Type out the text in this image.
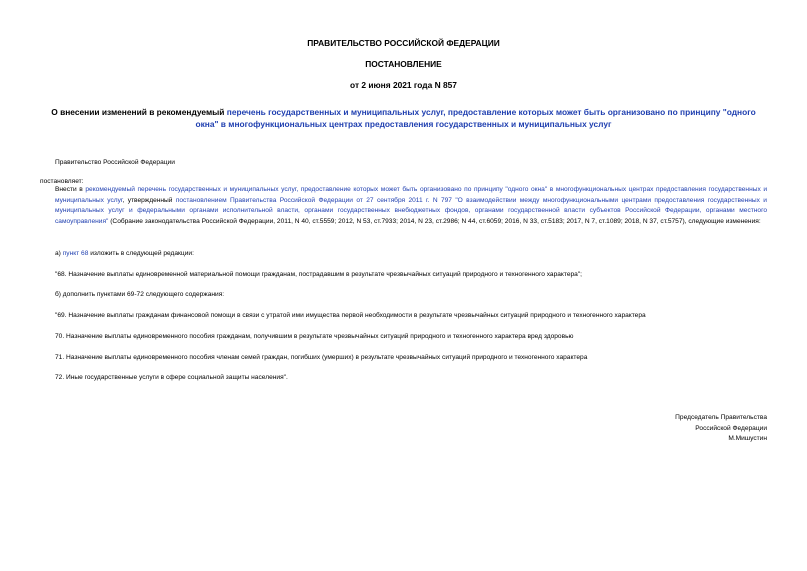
ПРАВИТЕЛЬСТВО РОССИЙСКОЙ ФЕДЕРАЦИИ
ПОСТАНОВЛЕНИЕ
от 2 июня 2021 года N 857
О внесении изменений в рекомендуемый перечень государственных и муниципальных услуг, предоставление которых может быть организовано по принципу "одного окна" в многофункциональных центрах предоставления государственных и муниципальных услуг
Правительство Российской Федерации
постановляет:
Внести в рекомендуемый перечень государственных и муниципальных услуг, предоставление которых может быть организовано по принципу "одного окна" в многофункциональных центрах предоставления государственных и муниципальных услуг, утвержденный постановлением Правительства Российской Федерации от 27 сентября 2011 г. N 797 "О взаимодействии между многофункциональными центрами предоставления государственных и муниципальных услуг и федеральными органами исполнительной власти, органами государственных внебюджетных фондов, органами государственной власти субъектов Российской Федерации, органами местного самоуправления" (Собрание законодательства Российской Федерации, 2011, N 40, ст.5559; 2012, N 53, ст.7933; 2014, N 23, ст.2986; N 44, ст.6059; 2016, N 33, ст.5183; 2017, N 7, ст.1089; 2018, N 37, ст.5757), следующие изменения:
а) пункт 68 изложить в следующей редакции:
"68. Назначение выплаты единовременной материальной помощи гражданам, пострадавшим в результате чрезвычайных ситуаций природного и техногенного характера";
б) дополнить пунктами 69-72 следующего содержания:
"69. Назначение выплаты гражданам финансовой помощи в связи с утратой ими имущества первой необходимости в результате чрезвычайных ситуаций природного и техногенного характера
70. Назначение выплаты единовременного пособия гражданам, получившим в результате чрезвычайных ситуаций природного и техногенного характера вред здоровью
71. Назначение выплаты единовременного пособия членам семей граждан, погибших (умерших) в результате чрезвычайных ситуаций природного и техногенного характера
72. Иные государственные услуги в сфере социальной защиты населения".
Председатель Правительства
Российской Федерации
М.Мишустин
